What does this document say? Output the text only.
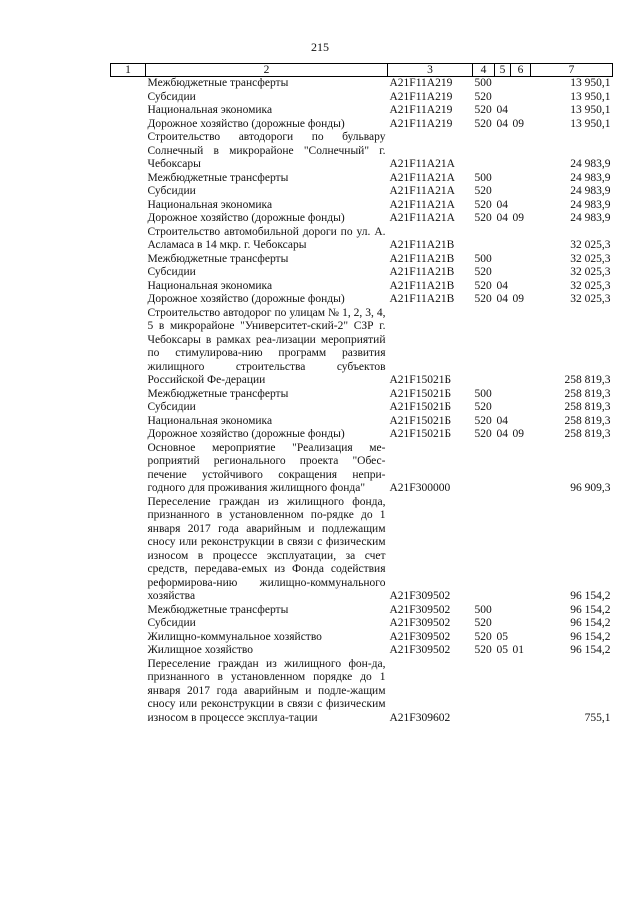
215
1	2	3	4	5	6	7
	Межбюджетные трансферты	A21F11A219	500			13 950,1
	Субсидии	A21F11A219	520			13 950,1
	Национальная экономика	A21F11A219	520	04		13 950,1
	Дорожное хозяйство (дорожные фонды)	A21F11A219	520	04	09	13 950,1
	Строительство автодороги по бульвару Солнечный в микрорайоне "Солнечный" г. Чебоксары	A21F11A21A				24 983,9
	Межбюджетные трансферты	A21F11A21A	500			24 983,9
	Субсидии	A21F11A21A	520			24 983,9
	Национальная экономика	A21F11A21A	520	04		24 983,9
	Дорожное хозяйство (дорожные фонды)	A21F11A21A	520	04	09	24 983,9
	Строительство автомобильной дороги по ул. А. Асламаса в 14 мкр. г. Чебоксары	A21F11A21B				32 025,3
	Межбюджетные трансферты	A21F11A21B	500			32 025,3
	Субсидии	A21F11A21B	520			32 025,3
	Национальная экономика	A21F11A21B	520	04		32 025,3
	Дорожное хозяйство (дорожные фонды)	A21F11A21B	520	04	09	32 025,3
	Строительство автодорог по улицам № 1, 2, 3, 4, 5 в микрорайоне "Университет-ский-2" СЗР г. Чебоксары в рамках реа-лизации мероприятий по стимулирова-нию программ развития жилищного строительства субъектов Российской Фе-дерации	A21F15021Б				258 819,3
	Межбюджетные трансферты	A21F15021Б	500			258 819,3
	Субсидии	A21F15021Б	520			258 819,3
	Национальная экономика	A21F15021Б	520	04		258 819,3
	Дорожное хозяйство (дорожные фонды)	A21F15021Б	520	04	09	258 819,3
	Основное мероприятие "Реализация ме-роприятий регионального проекта "Обес-печение устойчивого сокращения непри-годного для проживания жилищного фонда"	A21F300000				96 909,3
	Переселение граждан из жилищного фонда, признанного в установленном по-рядке до 1 января 2017 года аварийным и подлежащим сносу или реконструкции в связи с физическим износом в процессе эксплуатации, за счет средств, передава-емых из Фонда содействия реформирова-нию жилищно-коммунального хозяйства	A21F309502				96 154,2
	Межбюджетные трансферты	A21F309502	500			96 154,2
	Субсидии	A21F309502	520			96 154,2
	Жилищно-коммунальное хозяйство	A21F309502	520	05		96 154,2
	Жилищное хозяйство	A21F309502	520	05	01	96 154,2
	Переселение граждан из жилищного фон-да, признанного в установленном порядке до 1 января 2017 года аварийным и подле-жащим сносу или реконструкции в связи с физическим износом в процессе эксплуа-тации	A21F309602				755,1
